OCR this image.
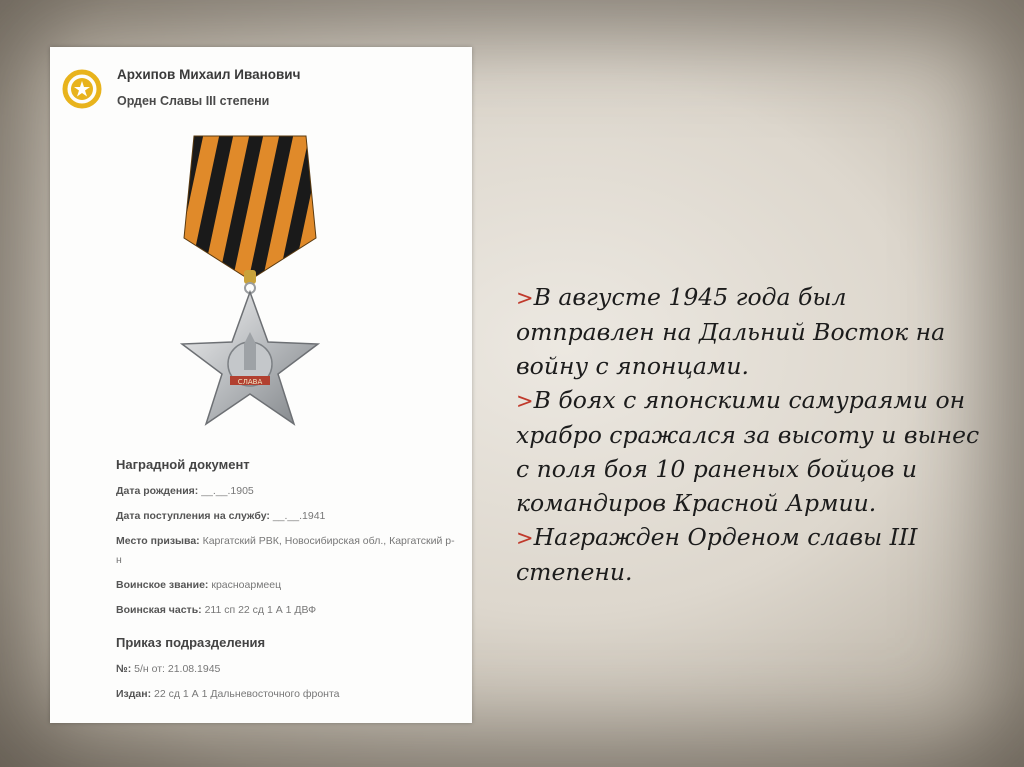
Архипов Михаил Иванович
Орден Славы III степени
СЛАВА
Наградной документ
Дата рождения: __.__.1905
Дата поступления на службу: __.__.1941
Место призыва: Каргатский РВК, Новосибирская обл., Каргатский р-н
Воинское звание: красноармеец
Воинская часть: 211 сп 22 сд 1 А 1 ДВФ
Приказ подразделения
№: 5/н от: 21.08.1945
Издан: 22 сд 1 А 1 Дальневосточного фронта

>В августе 1945 года был отправлен на Дальний Восток на войну с японцами.

>В боях с японскими самураями он храбро сражался за высоту и вынес с поля боя 10 раненых бойцов и командиров Красной Армии.

>Награжден Орденом славы III степени.
